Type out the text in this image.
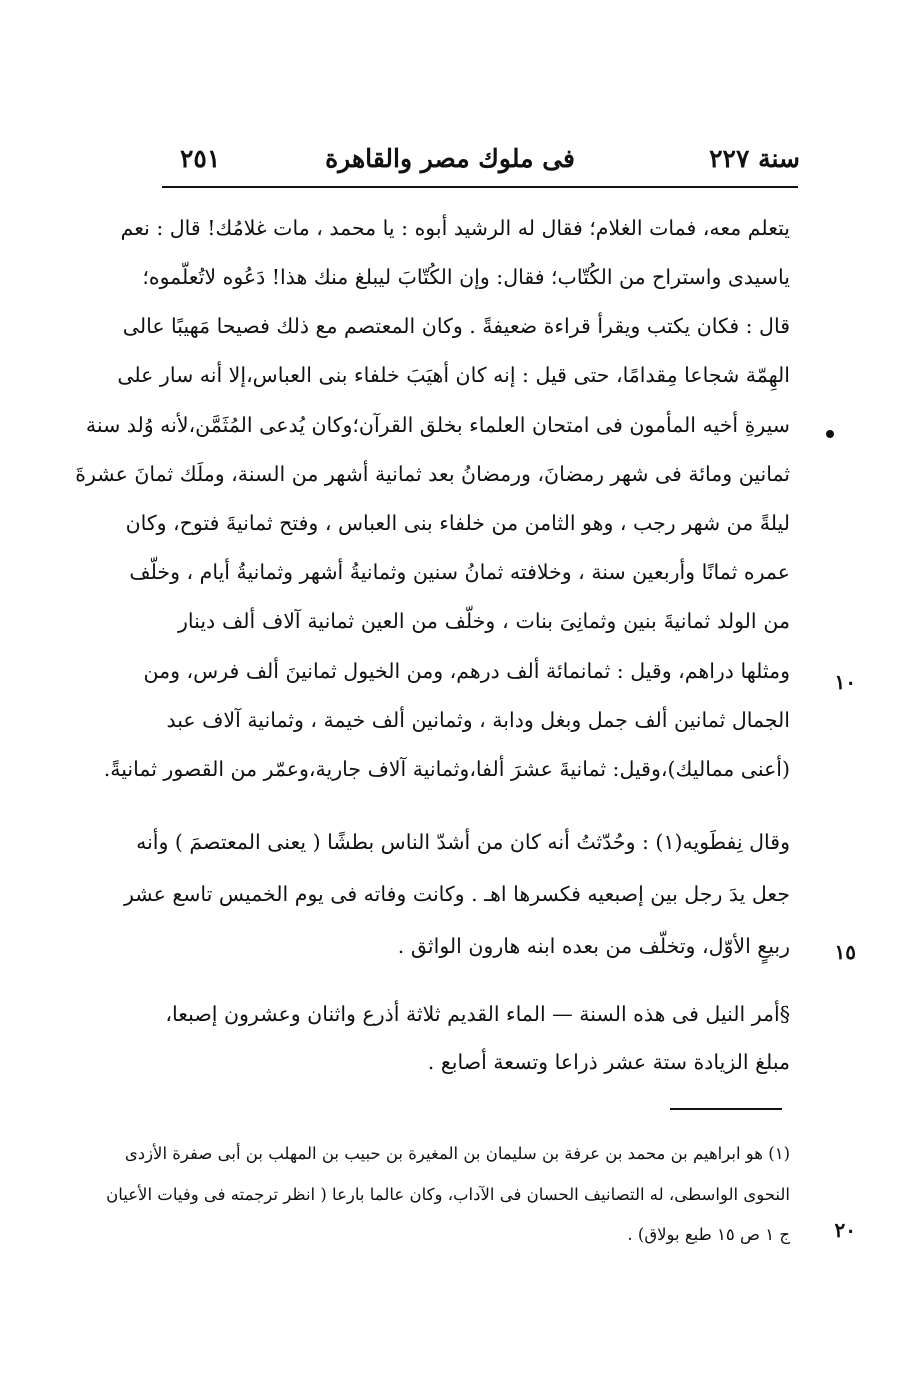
سنة ٢٢٧
فى ملوك مصر والقاهرة
٢٥١
يتعلم معه، فمات الغلام؛ فقال له الرشيد أبوه : يا محمد ، مات غلامُك! قال : نعم
ياسيدى واستراح من الكُتّاب؛ فقال: وإن الكُتّابَ ليبلغ منك هذا! دَعُوه لاتُعلّموه؛
قال : فكان يكتب ويقرأ قراءة ضعيفةً . وكان المعتصم مع ذلك فصيحا مَهيبًا عالى
الهِمّة شجاعا مِقدامًا، حتى قيل : إنه كان أهيَبَ خلفاء بنى العباس،إلا أنه سار على
سيرةِ أخيه المأمون فى امتحان العلماء بخلق القرآن؛وكان يُدعى المُثَمَّن،لأنه وُلد سنة
ثمانين ومائة فى شهر رمضانَ، ورمضانُ بعد ثمانية أشهر من السنة، وملَك ثمانَ عشرةَ
ليلةً من شهر رجب ، وهو الثامن من خلفاء بنى العباس ، وفتح ثمانيةَ فتوح، وكان
عمره ثمانًا وأربعين سنة ، وخلافته ثمانُ سنين وثمانيةُ أشهر وثمانيةُ أيام ، وخلّف
من الولد ثمانيةَ بنين وثمانِىَ بنات ، وخلّف من العين ثمانية آلاف ألف دينار
ومثلها دراهم، وقيل : ثمانمائة ألف درهم، ومن الخيول ثمانينَ ألف فرس، ومن
الجمال ثمانين ألف جمل وبغل ودابة ، وثمانين ألف خيمة ، وثمانية آلاف عبد
(أعنى مماليك)،وقيل: ثمانيةَ عشرَ ألفا،وثمانية آلاف جارية،وعمّر من القصور ثمانيةً.
وقال نِفطَويه(١) : وحُدّثتُ أنه كان من أشدّ الناس بطشًا ( يعنى المعتصمَ ) وأنه
جعل يدَ رجل بين إصبعيه فكسرها اهـ . وكانت وفاته فى يوم الخميس تاسع عشر
ربيعٍ الأوّل، وتخلّف من بعده ابنه هارون الواثق .
§أمر النيل فى هذه السنة — الماء القديم ثلاثة أذرع واثنان وعشرون إصبعا،
مبلغ الزيادة ستة عشر ذراعا وتسعة أصابع .
١٠
١٥
٢٠
(١) هو ابراهيم بن محمد بن عرفة بن سليمان بن المغيرة بن حبيب بن المهلب بن أبى صفرة الأزدى
النحوى الواسطى، له التصانيف الحسان فى الآداب، وكان عالما بارعا ( انظر ترجمته فى وفيات الأعيان
ج ١ ص ١٥ طبع بولاق) .
